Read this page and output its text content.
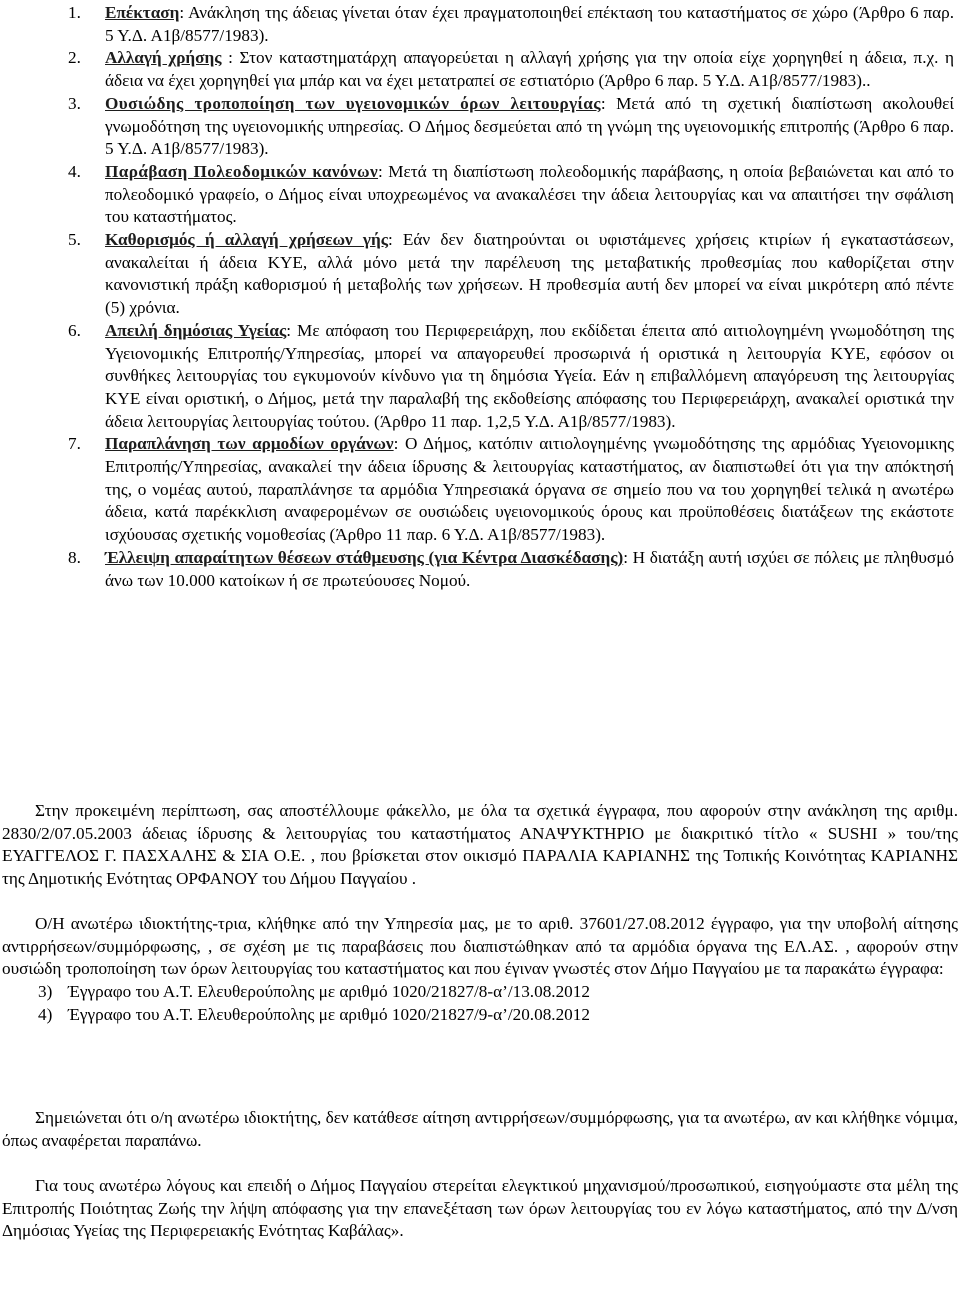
1. Επέκταση: Ανάκληση της άδειας γίνεται όταν έχει πραγματοποιηθεί επέκταση του καταστήματος σε χώρο (Άρθρο 6 παρ. 5 Υ.Δ. Α1β/8577/1983).
2. Αλλαγή χρήσης : Στον καταστηματάρχη απαγορεύεται η αλλαγή χρήσης για την οποία είχε χορηγηθεί η άδεια, π.χ. η άδεια να έχει χορηγηθεί για μπάρ και να έχει μετατραπεί σε εστιατόριο (Άρθρο 6 παρ. 5 Υ.Δ. Α1β/8577/1983)..
3. Ουσιώδης τροποποίηση των υγειονομικών όρων λειτουργίας: Μετά από τη σχετική διαπίστωση ακολουθεί γνωμοδότηση της υγειονομικής υπηρεσίας. Ο Δήμος δεσμεύεται από τη γνώμη της υγειονομικής επιτροπής (Άρθρο 6 παρ. 5 Υ.Δ. Α1β/8577/1983).
4. Παράβαση Πολεοδομικών κανόνων: Μετά τη διαπίστωση πολεοδομικής παράβασης, η οποία βεβαιώνεται και από το πολεοδομικό γραφείο, ο Δήμος είναι υποχρεωμένος να ανακαλέσει την άδεια λειτουργίας και να απαιτήσει την σφάλιση του καταστήματος.
5. Καθορισμός ή αλλαγή χρήσεων γής: Εάν δεν διατηρούνται οι υφιστάμενες χρήσεις κτιρίων ή εγκαταστάσεων, ανακαλείται ή άδεια ΚΥΕ, αλλά μόνο μετά την παρέλευση της μεταβατικής προθεσμίας που καθορίζεται στην κανονιστική πράξη καθορισμού ή μεταβολής των χρήσεων. Η προθεσμία αυτή δεν μπορεί να είναι μικρότερη από πέντε (5) χρόνια.
6. Απειλή δημόσιας Υγείας: Με απόφαση του Περιφερειάρχη, που εκδίδεται έπειτα από αιτιολογημένη γνωμοδότηση της Υγειονομικής Επιτροπής/Υπηρεσίας, μπορεί να απαγορευθεί προσωρινά ή οριστικά η λειτουργία ΚΥΕ, εφόσον οι συνθήκες λειτουργίας του εγκυμονούν κίνδυνο για τη δημόσια Υγεία. Εάν η επιβαλλόμενη απαγόρευση της λειτουργίας ΚΥΕ είναι οριστική, ο Δήμος, μετά την παραλαβή της εκδοθείσης απόφασης του Περιφερειάρχη, ανακαλεί οριστικά την άδεια λειτουργίας λειτουργίας τούτου. (Άρθρο 11 παρ. 1,2,5 Υ.Δ. Α1β/8577/1983).
7. Παραπλάνηση των αρμοδίων οργάνων: Ο Δήμος, κατόπιν αιτιολογημένης γνωμοδότησης της αρμόδιας Υγειονομικης Επιτροπής/Υπηρεσίας, ανακαλεί την άδεια ίδρυσης & λειτουργίας καταστήματος, αν διαπιστωθεί ότι για την απόκτησή της, ο νομέας αυτού, παραπλάνησε τα αρμόδια Υπηρεσιακά όργανα σε σημείο που να του χορηγηθεί τελικά η ανωτέρω άδεια, κατά παρέκκλιση αναφερομένων σε ουσιώδεις υγειονομικούς όρους και προϋποθέσεις διατάξεων της εκάστοτε ισχύουσας σχετικής νομοθεσίας (Άρθρο 11 παρ. 6 Υ.Δ. Α1β/8577/1983).
8. Έλλειψη απαραίτητων θέσεων στάθμευσης (για Κέντρα Διασκέδασης): Η διατάξη αυτή ισχύει σε πόλεις με πληθυσμό άνω των 10.000 κατοίκων ή σε πρωτεύουσες Νομού.

Στην προκειμένη περίπτωση, σας αποστέλλουμε φάκελλο, με όλα τα σχετικά έγγραφα, που αφορούν στην ανάκληση της αριθμ. 2830/2/07.05.2003 άδειας ίδρυσης & λειτουργίας του καταστήματος ΑΝΑΨΥΚΤΗΡΙΟ με διακριτικό τίτλο « SUSHI » του/της ΕΥΑΓΓΕΛΟΣ Γ. ΠΑΣΧΑΛΗΣ & ΣΙΑ Ο.Ε. , που βρίσκεται στον οικισμό ΠΑΡΑΛΙΑ ΚΑΡΙΑΝΗΣ της Τοπικής Κοινότητας ΚΑΡΙΑΝΗΣ της Δημοτικής Ενότητας ΟΡΦΑΝΟΥ του Δήμου Παγγαίου .

Ο/Η ανωτέρω ιδιοκτήτης-τρια, κλήθηκε από την Υπηρεσία μας, με το αριθ. 37601/27.08.2012 έγγραφο, για την υποβολή αίτησης αντιρρήσεων/συμμόρφωσης, , σε σχέση με τις παραβάσεις που διαπιστώθηκαν από τα αρμόδια όργανα της ΕΛ.ΑΣ. , αφορούν στην ουσιώδη τροποποίηση των όρων λειτουργίας του καταστήματος και που έγιναν γνωστές στον Δήμο Παγγαίου με τα παρακάτω έγγραφα:

3) Έγγραφο του Α.Τ. Ελευθερούπολης με αριθμό 1020/21827/8-α’/13.08.2012
4) Έγγραφο του Α.Τ. Ελευθερούπολης με αριθμό 1020/21827/9-α’/20.08.2012

Σημειώνεται ότι ο/η ανωτέρω ιδιοκτήτης, δεν κατάθεσε αίτηση αντιρρήσεων/συμμόρφωσης, για τα ανωτέρω, αν και κλήθηκε νόμιμα, όπως αναφέρεται παραπάνω.

Για τους ανωτέρω λόγους και επειδή ο Δήμος Παγγαίου στερείται ελεγκτικού μηχανισμού/προσωπικού, εισηγούμαστε στα μέλη της Επιτροπής Ποιότητας Ζωής την λήψη απόφασης για την επανεξέταση των όρων λειτουργίας του εν λόγω καταστήματος, από την Δ/νση Δημόσιας Υγείας της Περιφερειακής Ενότητας Καβάλας».
